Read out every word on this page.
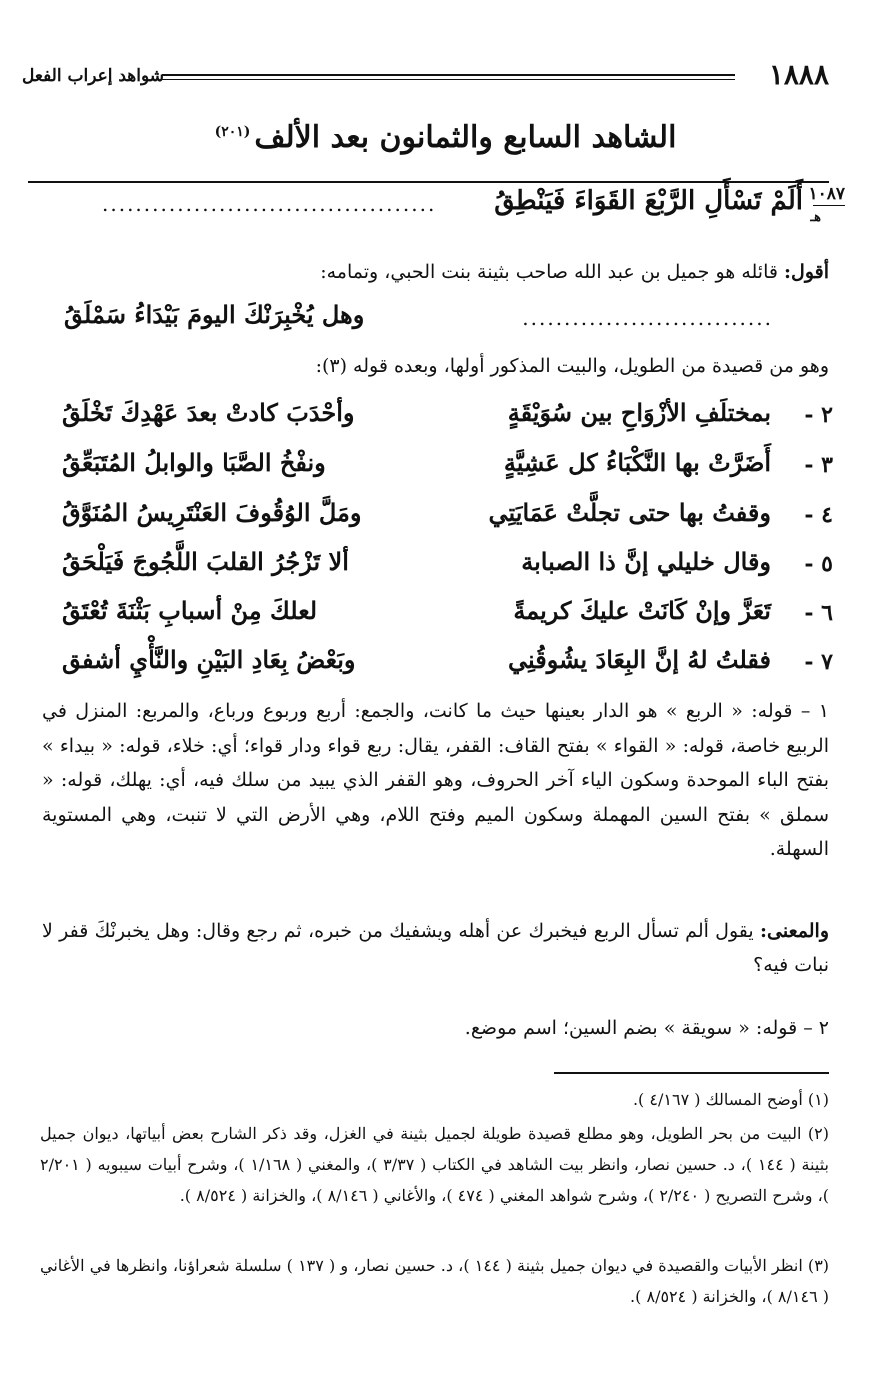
١٨٨٨
شواهد إعراب الفعل
الشاهد السابع والثمانون بعد الألف$^{(٢٠١)}$
١٠٨٧
هـ
أَلَمْ تَسْأَلِ الرَّبْعَ القَوَاءَ فَيَنْطِقُ
........................................
أقول: قائله هو جميل بن عبد الله صاحب بثينة بنت الحبي، وتمامه:
..............................
وهل يُخْبِرَنْكَ اليومَ بَيْدَاءُ سَمْلَقُ
وهو من قصيدة من الطويل، والبيت المذكور أولها، وبعده قوله (٣):
٢ -
بمختلَفِ الأزْوَاحِ بين سُوَيْقَةٍ
وأحْدَبَ كادتْ بعدَ عَهْدِكَ تَخْلَقُ
٣ -
أَضَرَّتْ بها النَّكْبَاءُ كل عَشِيَّةٍ
ونفْخُ الصَّبَا والوابلُ المُتَبَعِّقُ
٤ -
وقفتُ بها حتى تجلَّتْ عَمَايَتِي
ومَلَّ الوُقُوفَ العَنْتَرِيسُ المُنَوَّقُ
٥ -
وقال خليلي إنَّ ذا الصبابة
ألا تَزْجُرُ القلبَ اللَّجُوجَ فَيَلْحَقُ
٦ -
تَعَزَّ وإنْ كَانَتْ عليكَ كريمةً
لعلكَ مِنْ أسبابِ بَثْنَةَ تُعْتَقُ
٧ -
فقلتُ لهُ إنَّ البِعَادَ يشُوقُنِي
وبَعْضُ بِعَادِ البَيْنِ والنَّأْيِ أشفق
١ – قوله: « الربع » هو الدار بعينها حيث ما كانت، والجمع: أربع وربوع ورباع، والمربع: المنزل في الربيع خاصة، قوله: « القواء » بفتح القاف: القفر، يقال: ربع قواء ودار قواء؛ أي: خلاء، قوله: « بيداء » بفتح الباء الموحدة وسكون الياء آخر الحروف، وهو القفر الذي يبيد من سلك فيه، أي: يهلك، قوله: « سملق » بفتح السين المهملة وسكون الميم وفتح اللام، وهي الأرض التي لا تنبت، وهي المستوية السهلة.
والمعنى: يقول ألم تسأل الربع فيخبرك عن أهله ويشفيك من خبره، ثم رجع وقال: وهل يخبرنْكَ قفر لا نبات فيه؟
٢ – قوله: « سويقة » بضم السين؛ اسم موضع.
(١) أوضح المسالك ( ٤/١٦٧ ).
(٢) البيت من بحر الطويل، وهو مطلع قصيدة طويلة لجميل بثينة في الغزل، وقد ذكر الشارح بعض أبياتها، ديوان جميل بثينة ( ١٤٤ )، د. حسين نصار، وانظر بيت الشاهد في الكتاب ( ٣/٣٧ )، والمغني ( ١/١٦٨ )، وشرح أبيات سيبويه ( ٢/٢٠١ )، وشرح التصريح ( ٢/٢٤٠ )، وشرح شواهد المغني ( ٤٧٤ )، والأغاني ( ٨/١٤٦ )، والخزانة ( ٨/٥٢٤ ).
(٣) انظر الأبيات والقصيدة في ديوان جميل بثينة ( ١٤٤ )، د. حسين نصار، و ( ١٣٧ ) سلسلة شعراؤنا، وانظرها في الأغاني ( ٨/١٤٦ )، والخزانة ( ٨/٥٢٤ ).
